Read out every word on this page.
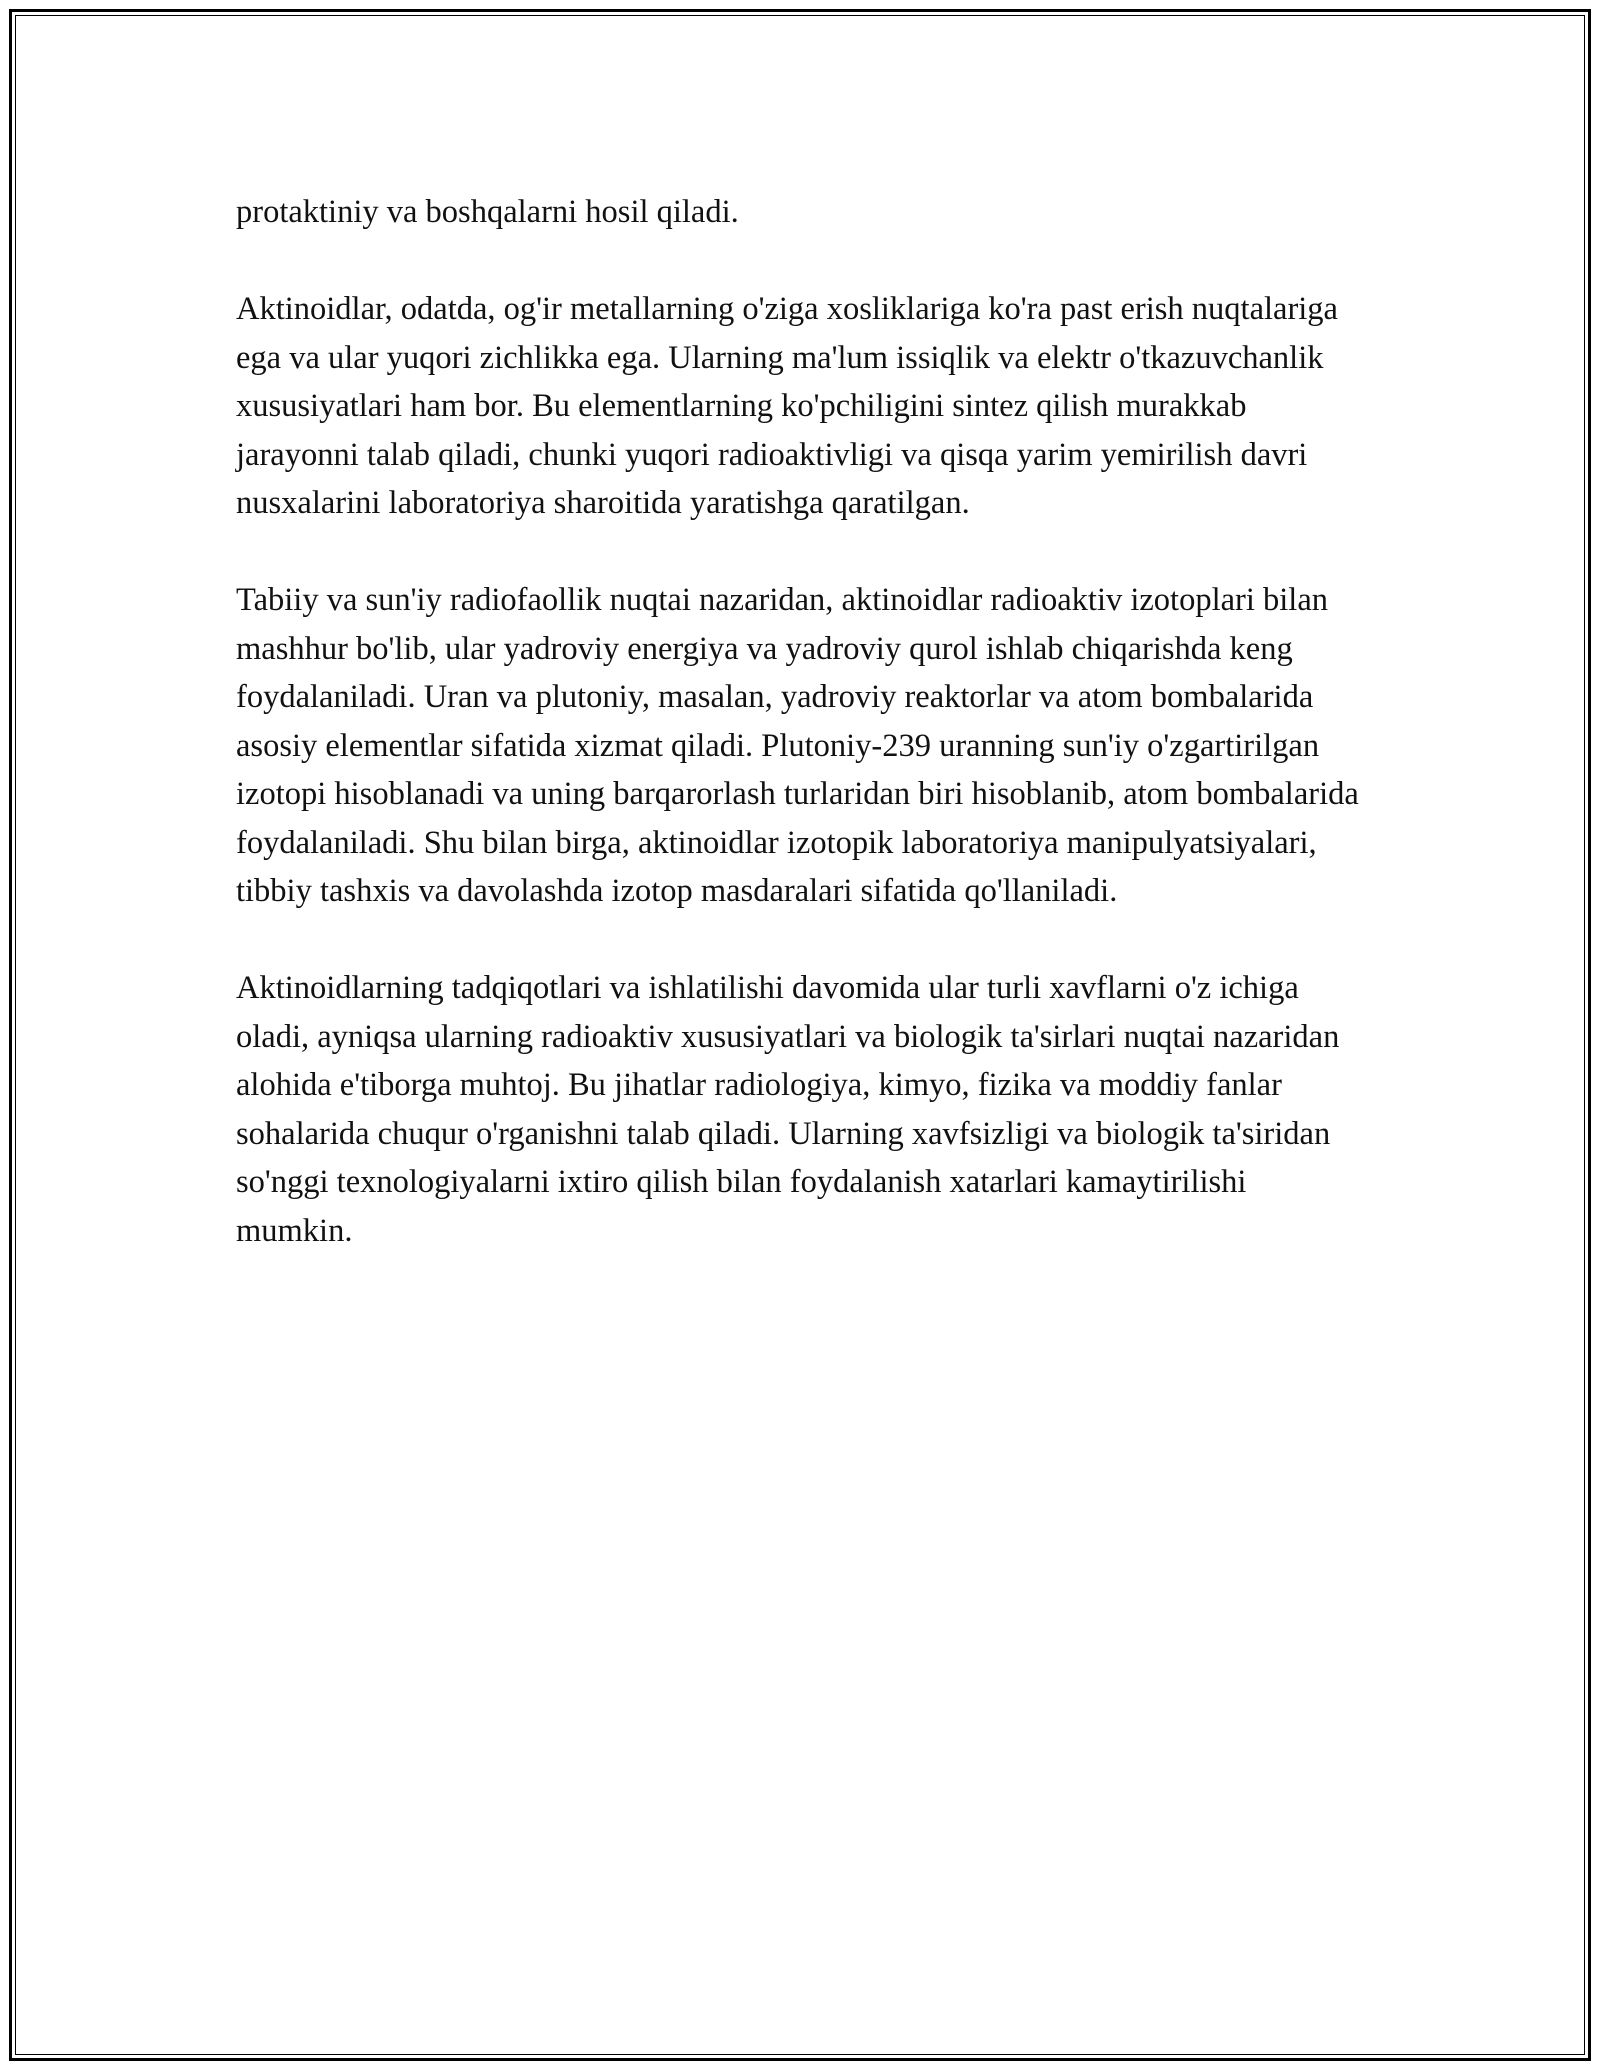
protaktiniy va boshqalarni hosil qiladi.

Aktinoidlar, odatda, og'ir metallarning o'ziga xosliklariga ko'ra past erish nuqtalariga ega va ular yuqori zichlikka ega. Ularning ma'lum issiqlik va elektr o'tkazuvchanlik xususiyatlari ham bor. Bu elementlarning ko'pchiligini sintez qilish murakkab jarayonni talab qiladi, chunki yuqori radioaktivligi va qisqa yarim yemirilish davri nusxalarini laboratoriya sharoitida yaratishga qaratilgan.

Tabiiy va sun'iy radiofaollik nuqtai nazaridan, aktinoidlar radioaktiv izotoplari bilan mashhur bo'lib, ular yadroviy energiya va yadroviy qurol ishlab chiqarishda keng foydalaniladi. Uran va plutoniy, masalan, yadroviy reaktorlar va atom bombalarida asosiy elementlar sifatida xizmat qiladi. Plutoniy-239 uranning sun'iy o'zgartirilgan izotopi hisoblanadi va uning barqarorlash turlaridan biri hisoblanib, atom bombalarida foydalaniladi. Shu bilan birga, aktinoidlar izotopik laboratoriya manipulyatsiyalari, tibbiy tashxis va davolashda izotop masdaralari sifatida qo'llaniladi.

Aktinoidlarning tadqiqotlari va ishlatilishi davomida ular turli xavflarni o'z ichiga oladi, ayniqsa ularning radioaktiv xususiyatlari va biologik ta'sirlari nuqtai nazaridan alohida e'tiborga muhtoj. Bu jihatlar radiologiya, kimyo, fizika va moddiy fanlar sohalarida chuqur o'rganishni talab qiladi. Ularning xavfsizligi va biologik ta'siridan so'nggi texnologiyalarni ixtiro qilish bilan foydalanish xatarlari kamaytirilishi mumkin.
